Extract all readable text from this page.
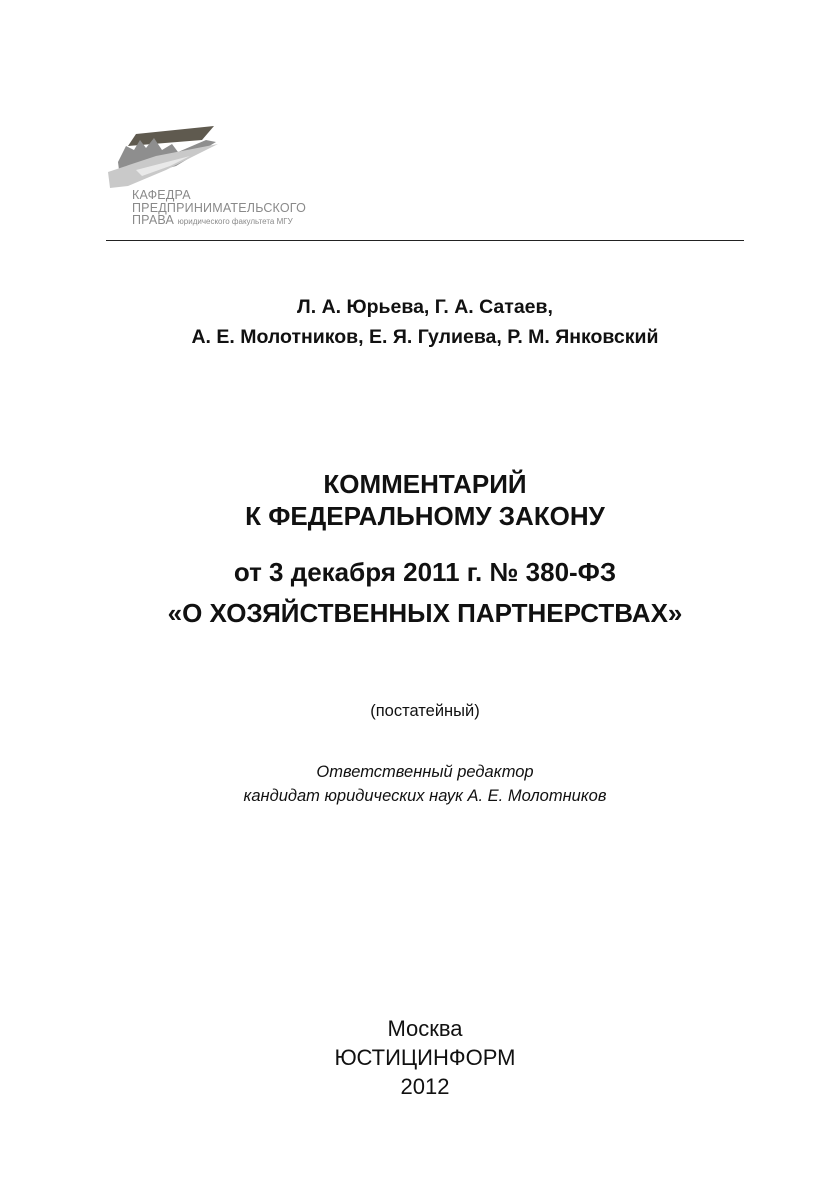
КАФЕДРА
ПРЕДПРИНИМАТЕЛЬСКОГО
ПРАВА юридического факультета МГУ
Л. А. Юрьева, Г. А. Сатаев,
А. Е. Молотников, Е. Я. Гулиева, Р. М. Янковский
КОММЕНТАРИЙ
К ФЕДЕРАЛЬНОМУ ЗАКОНУ
от 3 декабря 2011 г. № 380-ФЗ
«О ХОЗЯЙСТВЕННЫХ ПАРТНЕРСТВАХ»
(постатейный)
Ответственный редактор
кандидат юридических наук А. Е. Молотников
Москва
ЮСТИЦИНФОРМ
2012
